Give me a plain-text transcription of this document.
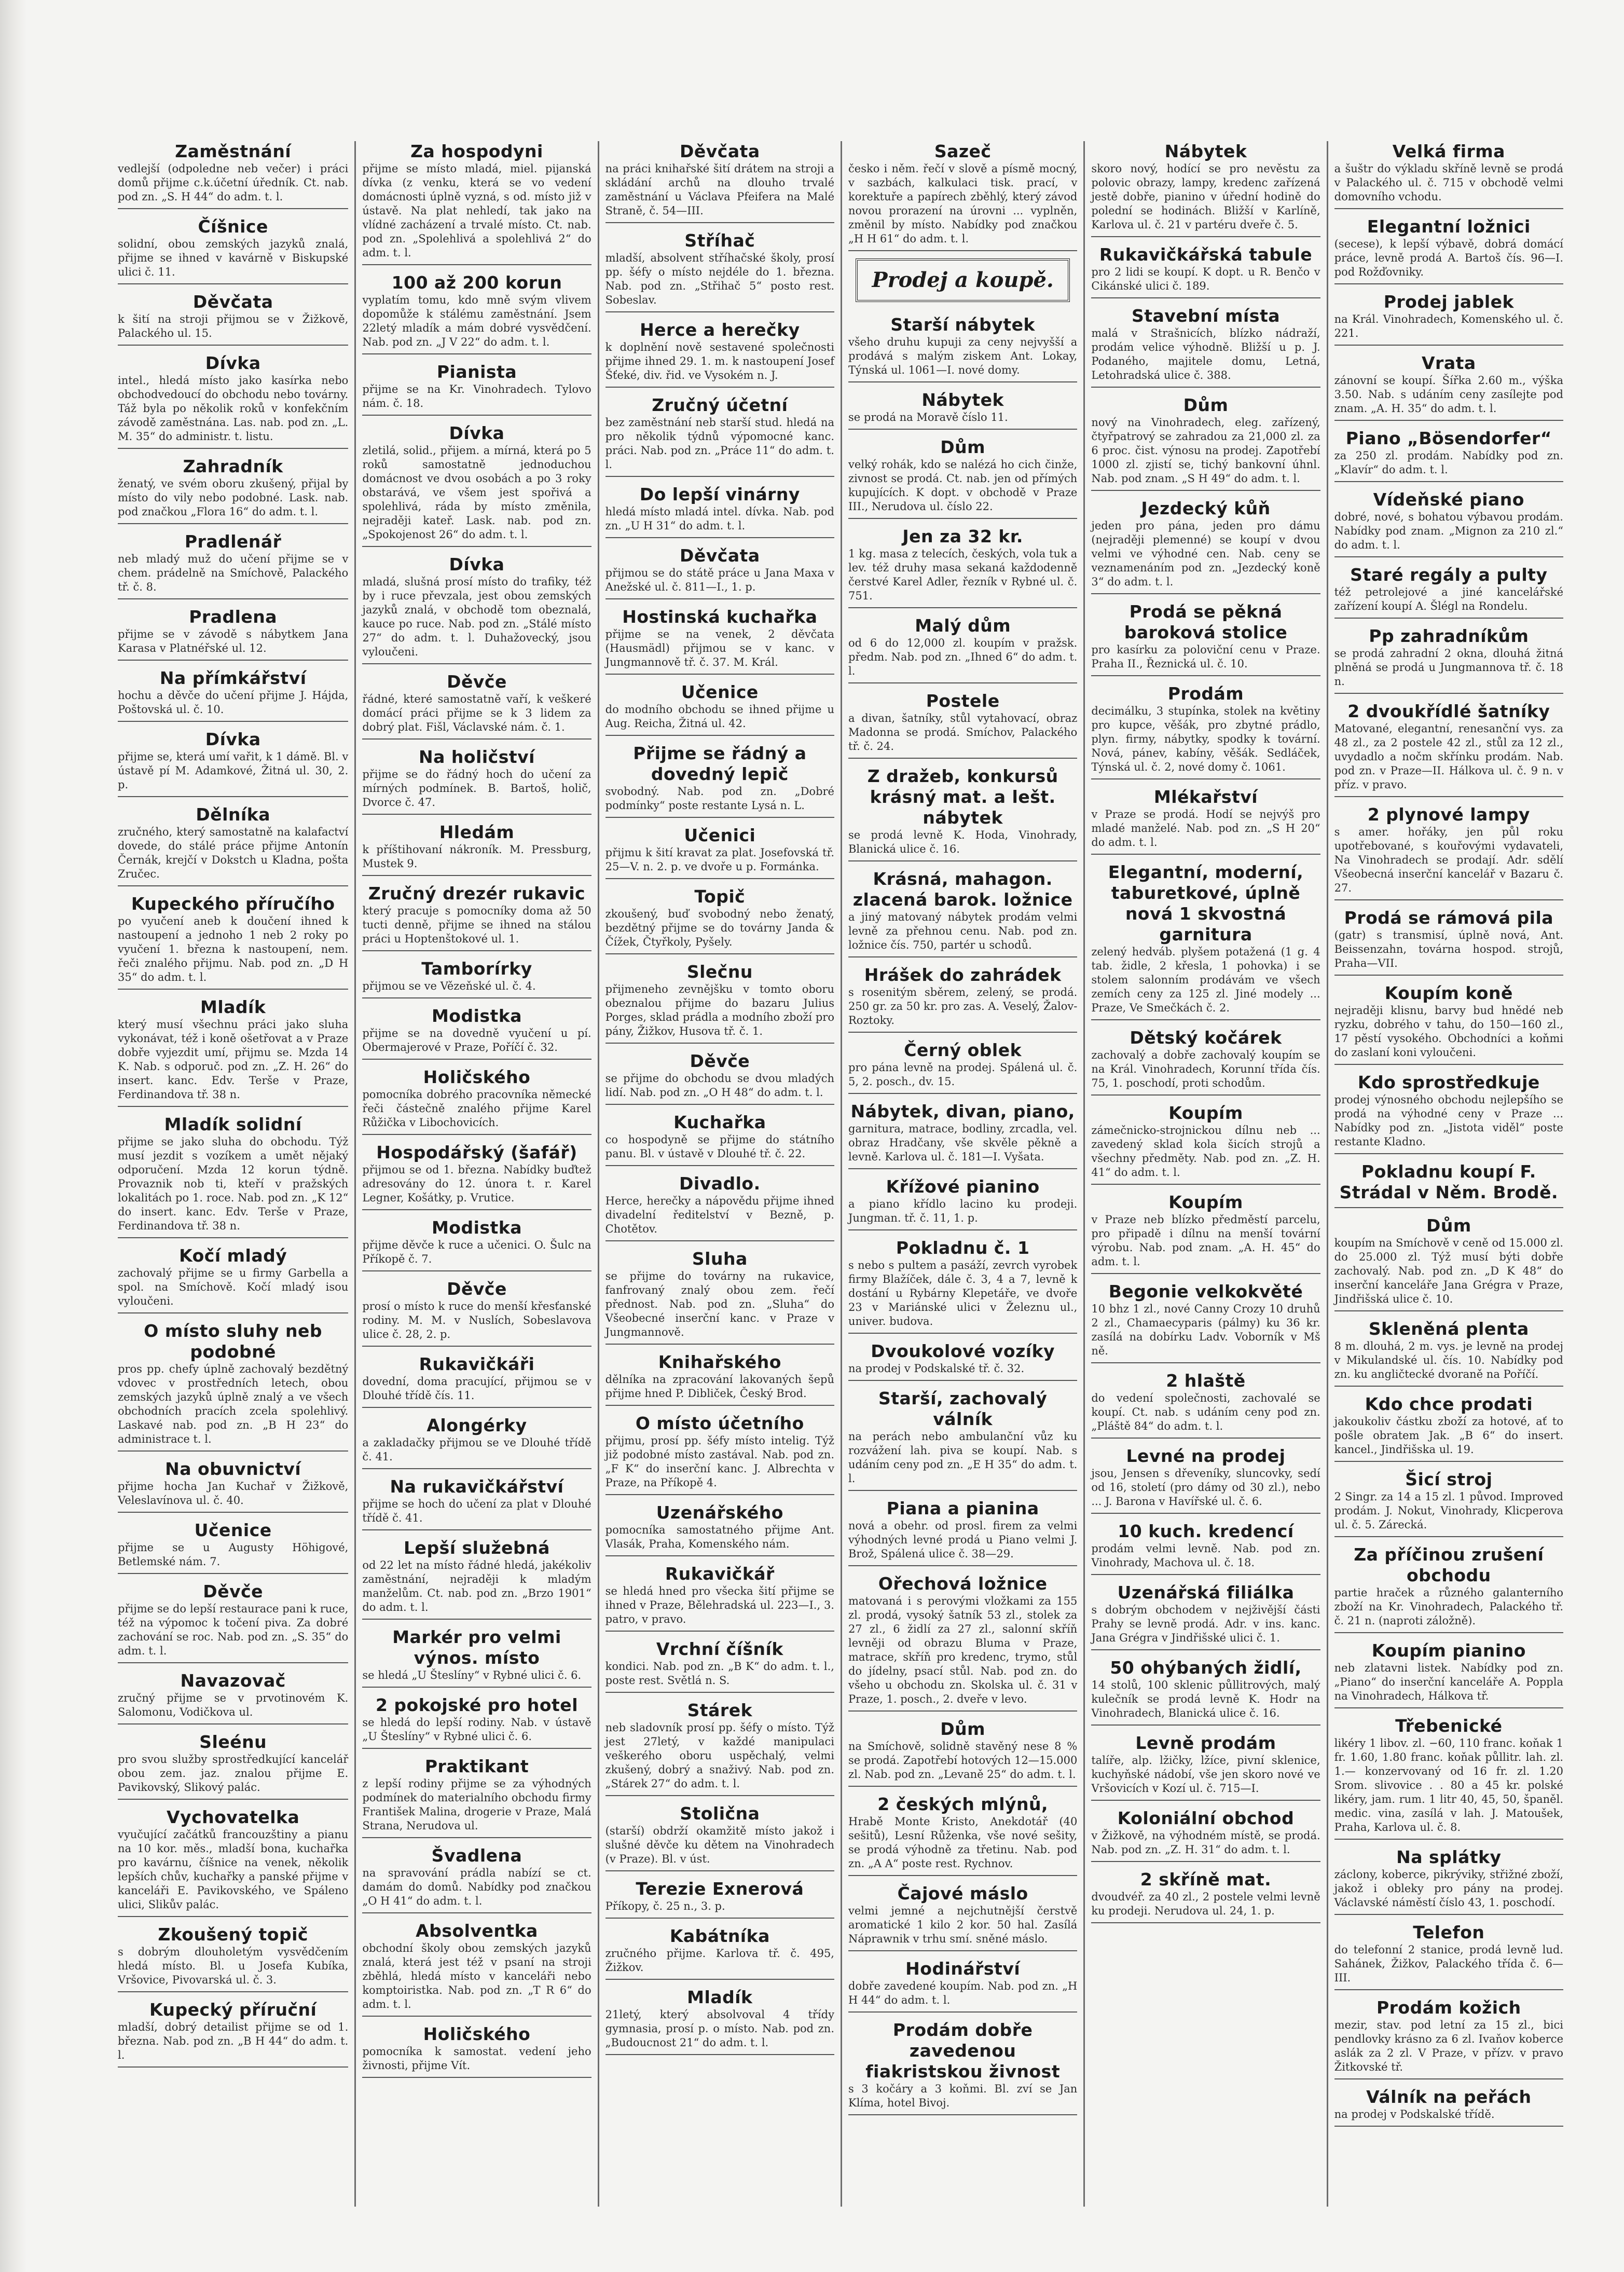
Zaměstnání
vedlejší (odpoledne neb večer) i práci domů přijme c.k.účetní úředník. Ct. nab. pod zn. „S. H 44“ do adm. t. l.
Číšnice
solidní, obou zemských jazyků znalá, přijme se ihned v kavárně v Biskupské ulici č. 11.
Děvčata
k šití na stroji přijmou se v Žižkově, Palackého ul. 15.
Dívka
intel., hledá místo jako kasírka nebo obchodvedoucí do obchodu nebo továrny. Táž byla po několik roků v konfekčním závodě zaměstnána. Las. nab. pod zn. „L. M. 35“ do administr. t. listu.
Zahradník
ženatý, ve svém oboru zkušený, přijal by místo do vily nebo podobné. Lask. nab. pod značkou „Flora 16“ do adm. t. l.
Pradlenář
neb mladý muž do učení přijme se v chem. prádelně na Smíchově, Palackého tř. č. 8.
Pradlena
přijme se v závodě s nábytkem Jana Karasa v Platnéřské ul. 12.
Na přímkářství
hochu a děvče do učení přijme J. Hájda, Poštovská ul. č. 10.
Dívka
přijme se, která umí vařit, k 1 dámě. Bl. v ústavě pí M. Adamkové, Žitná ul. 30, 2. p.
Dělníka
zručného, který samostatně na kalafactví dovede, do stálé práce přijme Antonín Černák, krejčí v Dokstch u Kladna, pošta Zručec.
Kupeckého příručího
po vyučení aneb k doučení ihned k nastoupení a jednoho 1 neb 2 roky po vyučení 1. března k nastoupení, nem. řeči znalého přijmu. Nab. pod zn. „D H 35“ do adm. t. l.
Mladík
který musí všechnu práci jako sluha vykonávat, též i koně ošetřovat a v Praze dobře vyjezdit umí, přijmu se. Mzda 14 K. Nab. s odporuč. pod zn. „Z. H. 26“ do insert. kanc. Edv. Terše v Praze, Ferdinandova tř. 38 n.
Mladík solidní
přijme se jako sluha do obchodu. Týž musí jezdit s vozíkem a umět nějaký odporučení. Mzda 12 korun týdně. Provaznik nob ti, kteří v pražských lokalitách po 1. roce. Nab. pod zn. „K 12“ do insert. kanc. Edv. Terše v Praze, Ferdinandova tř. 38 n.
Kočí mladý
zachovalý přijme se u firmy Garbella a spol. na Smíchově. Kočí mladý isou vyloučeni.
O místo sluhy neb podobné
pros pp. chefy úplně zachovalý bezdětný vdovec v prostředních letech, obou zemských jazyků úplně znalý a ve všech obchodních pracích zcela spolehlivý. Laskavé nab. pod zn. „B H 23“ do administrace t. l.
Na obuvnictví
přijme hocha Jan Kuchař v Žižkově, Veleslavínova ul. č. 40.
Učenice
přijme se u Augusty Höhigové, Betlemské nám. 7.
Děvče
přijme se do lepší restaurace pani k ruce, též na výpomoc k točení piva. Za dobré zachování se roc. Nab. pod zn. „S. 35“ do adm. t. l.
Navazovač
zručný přijme se v prvotinovém K. Salomonu, Vodičkova ul.
Sleénu
pro svou služby sprostředkující kancelář obou zem. jaz. znalou přijme E. Pavikovský, Slikový palác.
Vychovatelka
vyučující začátků francouzštiny a pianu na 10 kor. měs., mladší bona, kuchařka pro kavárnu, číšnice na venek, několik lepších chův, kuchařky a panské přijme v kanceláři E. Pavikovského, ve Spáleno ulici, Slikův palác.
Zkoušený topič
s dobrým dlouholetým vysvědčením hledá místo. Bl. u Josefa Kubíka, Vršovice, Pivovarská ul. č. 3.
Kupecký příruční
mladší, dobrý detailist přijme se od 1. března. Nab. pod zn. „B H 44“ do adm. t. l.
Za hospodyni
přijme se místo mladá, miel. pijanská dívka (z venku, která se vo vedení domácnosti úplně vyzná, s od. místo již v ústavě. Na plat nehledí, tak jako na vlídné zacházení a trvalé místo. Ct. nab. pod zn. „Spolehlivá a spolehlivá 2“ do adm. t. l.
100 až 200 korun
vyplatím tomu, kdo mně svým vlivem dopomůže k stálému zaměstnání. Jsem 22letý mladík a mám dobré vysvědčení. Nab. pod zn. „J V 22“ do adm. t. l.
Pianista
přijme se na Kr. Vinohradech. Tylovo nám. č. 18.
Dívka
zletilá, solid., přijem. a mírná, která po 5 roků samostatně jednoduchou domácnost ve dvou osobách a po 3 roky obstarává, ve všem jest spořivá a spolehlivá, ráda by místo změnila, nejraději kateř. Lask. nab. pod zn. „Spokojenost 26“ do adm. t. l.
Dívka
mladá, slušná prosí místo do trafiky, též by i ruce převzala, jest obou zemských jazyků znalá, v obchodě tom obeznalá, kauce po ruce. Nab. pod zn. „Stálé místo 27“ do adm. t. l. Duhažovecký, jsou vyloučeni.
Děvče
řádné, které samostatně vaří, k veškeré domácí práci přijme se k 3 lidem za dobrý plat. Fišl, Václavské nám. č. 1.
Na holičství
přijme se do řádný hoch do učení za mírných podmínek. B. Bartoš, holič, Dvorce č. 47.
Hledám
k příštihovaní nákroník. M. Pressburg, Mustek 9.
Zručný drezér rukavic
který pracuje s pomocníky doma až 50 tucti denně, přijme se ihned na stálou práci u Hoptenštokové ul. 1.
Tamborírky
přijmou se ve Vězeňské ul. č. 4.
Modistka
přijme se na dovedně vyučení u pí. Obermajerové v Praze, Poříčí č. 32.
Holičského
pomocníka dobrého pracovníka německé řeči částečně znalého přijme Karel Růžička v Libochovicích.
Hospodářský (šafář)
přijmou se od 1. března. Nabídky buďtež adresovány do 12. února t. r. Karel Legner, Košátky, p. Vrutice.
Modistka
přijme děvče k ruce a učenici. O. Šulc na Příkopě č. 7.
Děvče
prosí o místo k ruce do menší křesťanské rodiny. M. M. v Nuslích, Sobeslavova ulice č. 28, 2. p.
Rukavičkáři
dovední, doma pracující, přijmou se v Dlouhé třídě čís. 11.
Alongérky
a zakladačky přijmou se ve Dlouhé třídě č. 41.
Na rukavičkářství
přijme se hoch do učení za plat v Dlouhé třídě č. 41.
Lepší služebná
od 22 let na místo řádné hledá, jakékoliv zaměstnání, nejraději k mladým manželům. Ct. nab. pod zn. „Brzo 1901“ do adm. t. l.
Markér pro velmi výnos. místo
se hledá „U Šteslíny“ v Rybné ulici č. 6.
2 pokojské pro hotel
se hledá do lepší rodiny. Nab. v ústavě „U Šteslíny“ v Rybné ulici č. 6.
Praktikant
z lepší rodiny přijme se za výhodných podmínek do materialního obchodu firmy František Malina, drogerie v Praze, Malá Strana, Nerudova ul.
Švadlena
na spravování prádla nabízí se ct. damám do domů. Nabídky pod značkou „O H 41“ do adm. t. l.
Absolventka
obchodní školy obou zemských jazyků znalá, která jest též v psaní na stroji zběhlá, hledá místo v kanceláři nebo komptoiristka. Nab. pod zn. „T R 6“ do adm. t. l.
Holičského
pomocníka k samostat. vedení jeho živnosti, přijme Vít.
Děvčata
na práci knihařské šití drátem na stroji a skládání archů na dlouho trvalé zaměstnání u Václava Pfeifera na Malé Straně, č. 54—III.
Stříhač
mladší, absolvent stříhačské školy, prosí pp. šéfy o místo nejdéle do 1. března. Nab. pod zn. „Střihač 5“ posto rest. Sobeslav.
Herce a herečky
k doplnění nově sestavené společnosti přijme ihned 29. 1. m. k nastoupení Josef Šťeké, div. řid. ve Vysokém n. J.
Zručný účetní
bez zaměstnání neb starší stud. hledá na pro několik týdnů výpomocné kanc. práci. Nab. pod zn. „Práce 11“ do adm. t. l.
Do lepší vinárny
hledá místo mladá intel. dívka. Nab. pod zn. „U H 31“ do adm. t. l.
Děvčata
přijmou se do státě práce u Jana Maxa v Anežské ul. č. 811—I., 1. p.
Hostinská kuchařka
přijme se na venek, 2 děvčata (Hausmädl) přijmou se v kanc. v Jungmannově tř. č. 37. M. Král.
Učenice
do modního obchodu se ihned přijme u Aug. Reicha, Žitná ul. 42.
Přijme se řádný a dovedný lepič
svobodný. Nab. pod zn. „Dobré podmínky“ poste restante Lysá n. L.
Učenici
přijmu k šití kravat za plat. Josefovská tř. 25—V. n. 2. p. ve dvoře u p. Formánka.
Topič
zkoušený, buď svobodný nebo ženatý, bezdětný přijme se do továrny Janda & Čížek, Čtyřkoly, Pyšely.
Slečnu
přijmeneho zevnějšku v tomto oboru obeznalou přijme do bazaru Julius Porges, sklad prádla a modního zboží pro pány, Žižkov, Husova tř. č. 1.
Děvče
se přijme do obchodu se dvou mladých lidí. Nab. pod zn. „O H 48“ do adm. t. l.
Kuchařka
co hospodyně se přijme do státního panu. Bl. v ústavě v Dlouhé tř. č. 22.
Divadlo.
Herce, herečky a nápovědu přijme ihned divadelní ředitelství v Bezně, p. Chotětov.
Sluha
se přijme do továrny na rukavice, fanfrovaný znalý obou zem. řečí přednost. Nab. pod zn. „Sluha“ do Všeobecné inserční kanc. v Praze v Jungmannově.
Knihařského
dělníka na zpracování lakovaných šepů přijme hned P. Dibliček, Český Brod.
O místo účetního
přijmu, prosí pp. šéfy místo intelig. Týž již podobné místo zastával. Nab. pod zn. „F K“ do inserční kanc. J. Albrechta v Praze, na Příkopě 4.
Uzenářského
pomocníka samostatného přijme Ant. Vlasák, Praha, Komenského nám.
Rukavičkář
se hledá hned pro všecka šití přijme se ihned v Praze, Bělehradská ul. 223—I., 3. patro, v pravo.
Vrchní číšník
kondici. Nab. pod zn. „B K“ do adm. t. l., poste rest. Světlá n. S.
Stárek
neb sladovník prosí pp. šéfy o místo. Týž jest 27letý, v každé manipulaci veškerého oboru uspěchalý, velmi zkušený, dobrý a snaživý. Nab. pod zn. „Stárek 27“ do adm. t. l.
Stolična
(starší) obdrží okamžitě místo jakož i slušné děvče ku dětem na Vinohradech (v Praze). Bl. v úst.
Terezie Exnerová
Příkopy, č. 25 n., 3. p.
Kabátníka
zručného přijme. Karlova tř. č. 495, Žižkov.
Mladík
21letý, který absolvoval 4 třídy gymnasia, prosí p. o místo. Nab. pod zn. „Budoucnost 21“ do adm. t. l.
Sazeč
česko i něm. řečí v slově a písmě mocný, v sazbách, kalkulaci tisk. prací, v korektuře a papírech zběhlý, který závod novou prorazení na úrovni ... vyplněn, změnil by místo. Nabídky pod značkou „H H 61“ do adm. t. l.
Prodej a koupě.
Starší nábytek
všeho druhu kupuji za ceny nejvyšší a prodává s malým ziskem Ant. Lokay, Týnská ul. 1061—I. nové domy.
Nábytek
se prodá na Moravě číslo 11.
Dům
velký rohák, kdo se nalézá ho cich činže, zivnost se prodá. Ct. nab. jen od přímých kupujících. K dopt. v obchodě v Praze III., Nerudova ul. číslo 22.
Jen za 32 kr.
1 kg. masa z telecích, českých, vola tuk a lev. též druhy masa sekaná každodenně čerstvé Karel Adler, řezník v Rybné ul. č. 751.
Malý dům
od 6 do 12,000 zl. koupím v pražsk. předm. Nab. pod zn. „Ihned 6“ do adm. t. l.
Postele
a divan, šatníky, stůl vytahovací, obraz Madonna se prodá. Smíchov, Palackého tř. č. 24.
Z dražeb, konkursů krásný mat. a lešt. nábytek
se prodá levně K. Hoda, Vinohrady, Blanická ulice č. 16.
Krásná, mahagon. zlacená barok. ložnice
a jiný matovaný nábytek prodám velmi levně za přehnou cenu. Nab. pod zn. ložnice čís. 750, partér u schodů.
Hrášek do zahrádek
s rosenitým sběrem, zelený, se prodá. 250 gr. za 50 kr. pro zas. A. Veselý, Žalov-Roztoky.
Černý oblek
pro pána levně na prodej. Spálená ul. č. 5, 2. posch., dv. 15.
Nábytek, divan, piano,
garnitura, matrace, bodliny, zrcadla, vel. obraz Hradčany, vše skvěle pěkně a levně. Karlova ul. č. 181—I. Vyšata.
Křížové pianino
a piano křídlo lacino ku prodeji. Jungman. tř. č. 11, 1. p.
Pokladnu č. 1
s nebo s pultem a pasáží, zevrch vyrobek firmy Blažíček, dále č. 3, 4 a 7, levně k dostání u Rybárny Klepetáře, ve dvoře 23 v Mariánské ulici v Železnu ul., univer. budova.
Dvoukolové vozíky
na prodej v Podskalské tř. č. 32.
Starší, zachovalý válník
na perách nebo ambulanční vůz ku rozvážení lah. piva se koupí. Nab. s udáním ceny pod zn. „E H 35“ do adm. t. l.
Piana a pianina
nová a obehr. od prosl. firem za velmi výhodných levné prodá u Piano velmi J. Brož, Spálená ulice č. 38—29.
Ořechová ložnice
matovaná i s perovými vložkami za 155 zl. prodá, vysoký šatník 53 zl., stolek za 27 zl., 6 židlí za 27 zl., salonní skříň levněji od obrazu Bluma v Praze, matrace, skříň pro kredenc, trymo, stůl do jídelny, psací stůl. Nab. pod zn. do všeho u obchodu zn. Skolska ul. č. 31 v Praze, 1. posch., 2. dveře v levo.
Dům
na Smíchově, solidně stavěný nese 8 % se prodá. Zapotřebí hotových 12—15.000 zl. Nab. pod zn. „Levaně 25“ do adm. t. l.
2 českých mlýnů,
Hrabě Monte Kristo, Anekdotář (40 sešitů), Lesní Růženka, vše nové sešity, se prodá výhodně za třetinu. Nab. pod zn. „A A“ poste rest. Rychnov.
Čajové máslo
velmi jemné a nejchutnější čerstvě aromatické 1 kilo 2 kor. 50 hal. Zasílá Náprawnik v trhu smí. sněné máslo.
Hodinářství
dobře zavedené koupím. Nab. pod zn. „H H 44“ do adm. t. l.
Prodám dobře zavedenou fiakristskou živnost
s 3 kočáry a 3 koňmi. Bl. zví se Jan Klíma, hotel Bivoj.
Nábytek
skoro nový, hodící se pro nevěstu za polovic obrazy, lampy, kredenc zařízená jestě dobře, pianino v úřední hodině do polední se hodinách. Bližší v Karlíně, Karlova ul. č. 21 v partéru dveře č. 5.
Rukavičkářská tabule
pro 2 lidi se koupí. K dopt. u R. Benčo v Cikánské ulici č. 189.
Stavební místa
malá v Strašnicích, blízko nádraží, prodám velice výhodně. Bližší u p. J. Podaného, majitele domu, Letná, Letohradská ulice č. 388.
Dům
nový na Vinohradech, eleg. zařízený, čtyřpatrový se zahradou za 21,000 zl. za 6 proc. čist. výnosu na prodej. Zapotřebí 1000 zl. zjistí se, tichý bankovní úhnl. Nab. pod znam. „S H 49“ do adm. t. l.
Jezdecký kůň
jeden pro pána, jeden pro dámu (nejraději plemenné) se koupí v dvou velmi ve výhodné cen. Nab. ceny se veznamenáním pod zn. „Jezdecký koně 3“ do adm. t. l.
Prodá se pěkná baroková stolice
pro kasírku za poloviční cenu v Praze. Praha II., Řeznická ul. č. 10.
Prodám
decimálku, 3 stupínka, stolek na květiny pro kupce, věšák, pro zbytné prádlo, plyn. firmy, nábytky, spodky k tovární. Nová, pánev, kabíny, věšák. Sedláček, Týnská ul. č. 2, nové domy č. 1061.
Mlékařství
v Praze se prodá. Hodí se nejvýš pro mladé manželé. Nab. pod zn. „S H 20“ do adm. t. l.
Elegantní, moderní, taburetkové, úplně nová 1 skvostná garnitura
zelený hedváb. plyšem potažená (1 g. 4 tab. židle, 2 křesla, 1 pohovka) i se stolem salonním prodávám ve všech zemích ceny za 125 zl. Jiné modely ... Praze, Ve Smečkách č. 2.
Dětský kočárek
zachovalý a dobře zachovalý koupím se na Král. Vinohradech, Korunní třída čís. 75, 1. poschodí, proti schodům.
Koupím
zámečnicko-strojnickou dílnu neb ... zavedený sklad kola šicích strojů a všechny předměty. Nab. pod zn. „Z. H. 41“ do adm. t. l.
Koupím
v Praze neb blízko předměstí parcelu, pro připadě i dílnu na menší tovární výrobu. Nab. pod znam. „A. H. 45“ do adm. t. l.
Begonie velkokvěté
10 bhz 1 zl., nové Canny Crozy 10 druhů 2 zl., Chamaecyparis (pálmy) ku 36 kr. zasílá na dobírku Ladv. Voborník v Mš ně.
2 hlaště
do vedení společnosti, zachovalé se koupí. Ct. nab. s udáním ceny pod zn. „Pláště 84“ do adm. t. l.
Levné na prodej
jsou, Jensen s dřeveníky, sluncovky, sedí od 16, století (pro dámy od 30 zl.), nebo ... J. Barona v Havířské ul. č. 6.
10 kuch. kredencí
prodám velmi levně. Nab. pod zn. Vinohrady, Machova ul. č. 18.
Uzenářská filiálka
s dobrým obchodem v nejživější části Prahy se levně prodá. Adr. v ins. kanc. Jana Grégra v Jindřišské ulici č. 1.
50 ohýbaných židlí,
14 stolů, 100 sklenic půllitrových, malý kulečník se prodá levně K. Hodr na Vinohradech, Blanická ulice č. 16.
Levně prodám
talíře, alp. lžičky, lžíce, pivní sklenice, kuchyňské nádobí, vše jen skoro nové ve Vršovicích v Kozí ul. č. 715—I.
Koloniální obchod
v Žižkově, na výhodném místě, se prodá. Nab. pod zn. „Z. H. 31“ do adm. t. l.
2 skříně mat.
dvoudvéř. za 40 zl., 2 postele velmi levně ku prodeji. Nerudova ul. 24, 1. p.
Velká firma
a šuštr do výkladu skříně levně se prodá v Palackého ul. č. 715 v obchodě velmi domovního vchodu.
Elegantní ložnici
(secese), k lepší výbavě, dobrá domácí práce, levně prodá A. Bartoš čís. 96—I. pod Rožďovniky.
Prodej jablek
na Král. Vinohradech, Komenského ul. č. 221.
Vrata
zánovní se koupí. Šířka 2.60 m., výška 3.50. Nab. s udáním ceny zasílejte pod znam. „A. H. 35“ do adm. t. l.
Piano „Bösendorfer“
za 250 zl. prodám. Nabídky pod zn. „Klavír“ do adm. t. l.
Vídeňské piano
dobré, nové, s bohatou výbavou prodám. Nabídky pod znam. „Mignon za 210 zl.“ do adm. t. l.
Staré regály a pulty
též petrolejové a jiné kancelářské zařízení koupí A. Šlégl na Rondelu.
Pp zahradníkům
se prodá zahradní 2 okna, dlouhá žitná plněná se prodá u Jungmannova tř. č. 18 n.
2 dvoukřídlé šatníky
Matované, elegantní, renesanční vys. za 48 zl., za 2 postele 42 zl., stůl za 12 zl., uvydadlo a nočm skřínku prodám. Nab. pod zn. v Praze—II. Hálkova ul. č. 9 n. v příz. v pravo.
2 plynové lampy
s amer. hořáky, jen půl roku upotřebované, s kouřovými vydavateli, Na Vinohradech se prodají. Adr. sdělí Všeobecná inserční kancelář v Bazaru č. 27.
Prodá se rámová pila
(gatr) s transmisí, úplně nová, Ant. Beissenzahn, továrna hospod. strojů, Praha—VII.
Koupím koně
nejraději klisnu, barvy bud hnědé neb ryzku, dobrého v tahu, do 150—160 zl., 17 pěstí vysokého. Obchodníci a koňmi do zaslaní koni vyloučeni.
Kdo sprostředkuje
prodej výnosného obchodu nejlepšího se prodá na výhodné ceny v Praze ... Nabídky pod zn. „Jistota viděl“ poste restante Kladno.
Pokladnu koupí F. Strádal v Něm. Brodě.
Dům
koupím na Smíchově v ceně od 15.000 zl. do 25.000 zl. Týž musí býti dobře zachovalý. Nab. pod zn. „D K 48“ do inserční kanceláře Jana Grégra v Praze, Jindřišská ulice č. 10.
Skleněná plenta
8 m. dlouhá, 2 m. vys. je levně na prodej v Mikulandské ul. čís. 10. Nabídky pod zn. ku angličtecké dvoraně na Poříčí.
Kdo chce prodati
jakoukoliv částku zboží za hotové, ať to pošle obratem Jak. „B 6“ do insert. kancel., Jindřišska ul. 19.
Šicí stroj
2 Singr. za 14 a 15 zl. 1 původ. Improved prodám. J. Nokut, Vinohrady, Klicperova ul. č. 5. Zárecká.
Za příčinou zrušení obchodu
partie hraček a různého galanterního zboží na Kr. Vinohradech, Palackého tř. č. 21 n. (naproti záložně).
Koupím pianino
neb zlatavni listek. Nabídky pod zn. „Piano“ do inserční kanceláře A. Poppla na Vinohradech, Hálkova tř.
Třebenické
likéry 1 libov. zl. −60, 110 franc. koňak 1 fr. 1.60, 1.80 franc. koňak půllitr. lah. zl. 1.— konzervovaný od 16 fr. zl. 1.20 Srom. slivovice . . 80 a 45 kr. polské likéry, jam. rum. 1 litr 40, 45, 50, španěl. medic. vina, zasílá v lah. J. Matoušek, Praha, Karlova ul. č. 8.
Na splátky
záclony, koberce, pikrýviky, střižné zboží, jakož i obleky pro pány na prodej. Václavské náměstí číslo 43, 1. poschodí.
Telefon
do telefonní 2 stanice, prodá levně lud. Sahánek, Žižkov, Palackého třída č. 6—III.
Prodám kožich
mezir, stav. pod letní za 15 zl., bici pendlovky krásno za 6 zl. Ivaňov koberce aslák za 2 zl. V Praze, v přízv. v pravo Žitkovské tř.
Válník na peřách
na prodej v Podskalské třídě.
